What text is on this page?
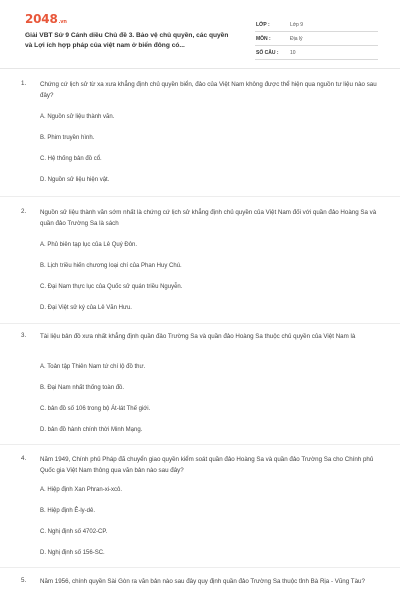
2048.vn
Giải VBT Sử 9 Cánh diều Chủ đề 3. Bảo vệ chủ quyền, các quyền và Lợi ích hợp pháp của việt nam ở biển đông có...
LỚP :	Lớp 9
MÔN :	Địa lý
SỐ CÂU : 10
1. Chứng cứ lịch sử từ xa xưa khẳng định chủ quyền biển, đảo của Việt Nam không được thể hiện qua nguồn tư liệu nào sau đây?
A. Nguồn sử liệu thành văn.
B. Phim truyền hình.
C. Hệ thống bản đồ cổ.
D. Nguồn sử liệu hiện vật.
2. Nguồn sử liệu thành văn sớm nhất là chứng cứ lịch sử khẳng định chủ quyền của Việt Nam đối với quần đảo Hoàng Sa và quần đảo Trường Sa là sách
A. Phủ biên tạp lục của Lê Quý Đôn.
B. Lịch triều hiến chương loại chí của Phan Huy Chú.
C. Đại Nam thực lục của Quốc sử quán triều Nguyễn.
D. Đại Việt sử ký của Lê Văn Hưu.
3. Tài liệu bản đồ xưa nhất khẳng định quần đảo Trường Sa và quần đảo Hoàng Sa thuộc chủ quyền của Việt Nam là
A. Toản tập Thiên Nam tứ chí lộ đồ thư.
B. Đại Nam nhất thống toàn đồ.
C. bản đồ số 106 trong bộ Át-lát Thế giới.
D. bản đồ hành chính thời Minh Mạng.
4. Năm 1949, Chính phủ Pháp đã chuyển giao quyền kiểm soát quần đảo Hoàng Sa và quần đảo Trường Sa cho Chính phủ Quốc gia Việt Nam thông qua văn bản nào sau đây?
A. Hiệp định Xan Phran-xi-xcô.
B. Hiệp định Ê-ly-dê.
C. Nghị định số 4702-CP.
D. Nghị định số 156-SC.
5. Năm 1956, chính quyền Sài Gòn ra văn bản nào sau đây quy định quần đảo Trường Sa thuộc tỉnh Bà Rịa - Vũng Tàu?
